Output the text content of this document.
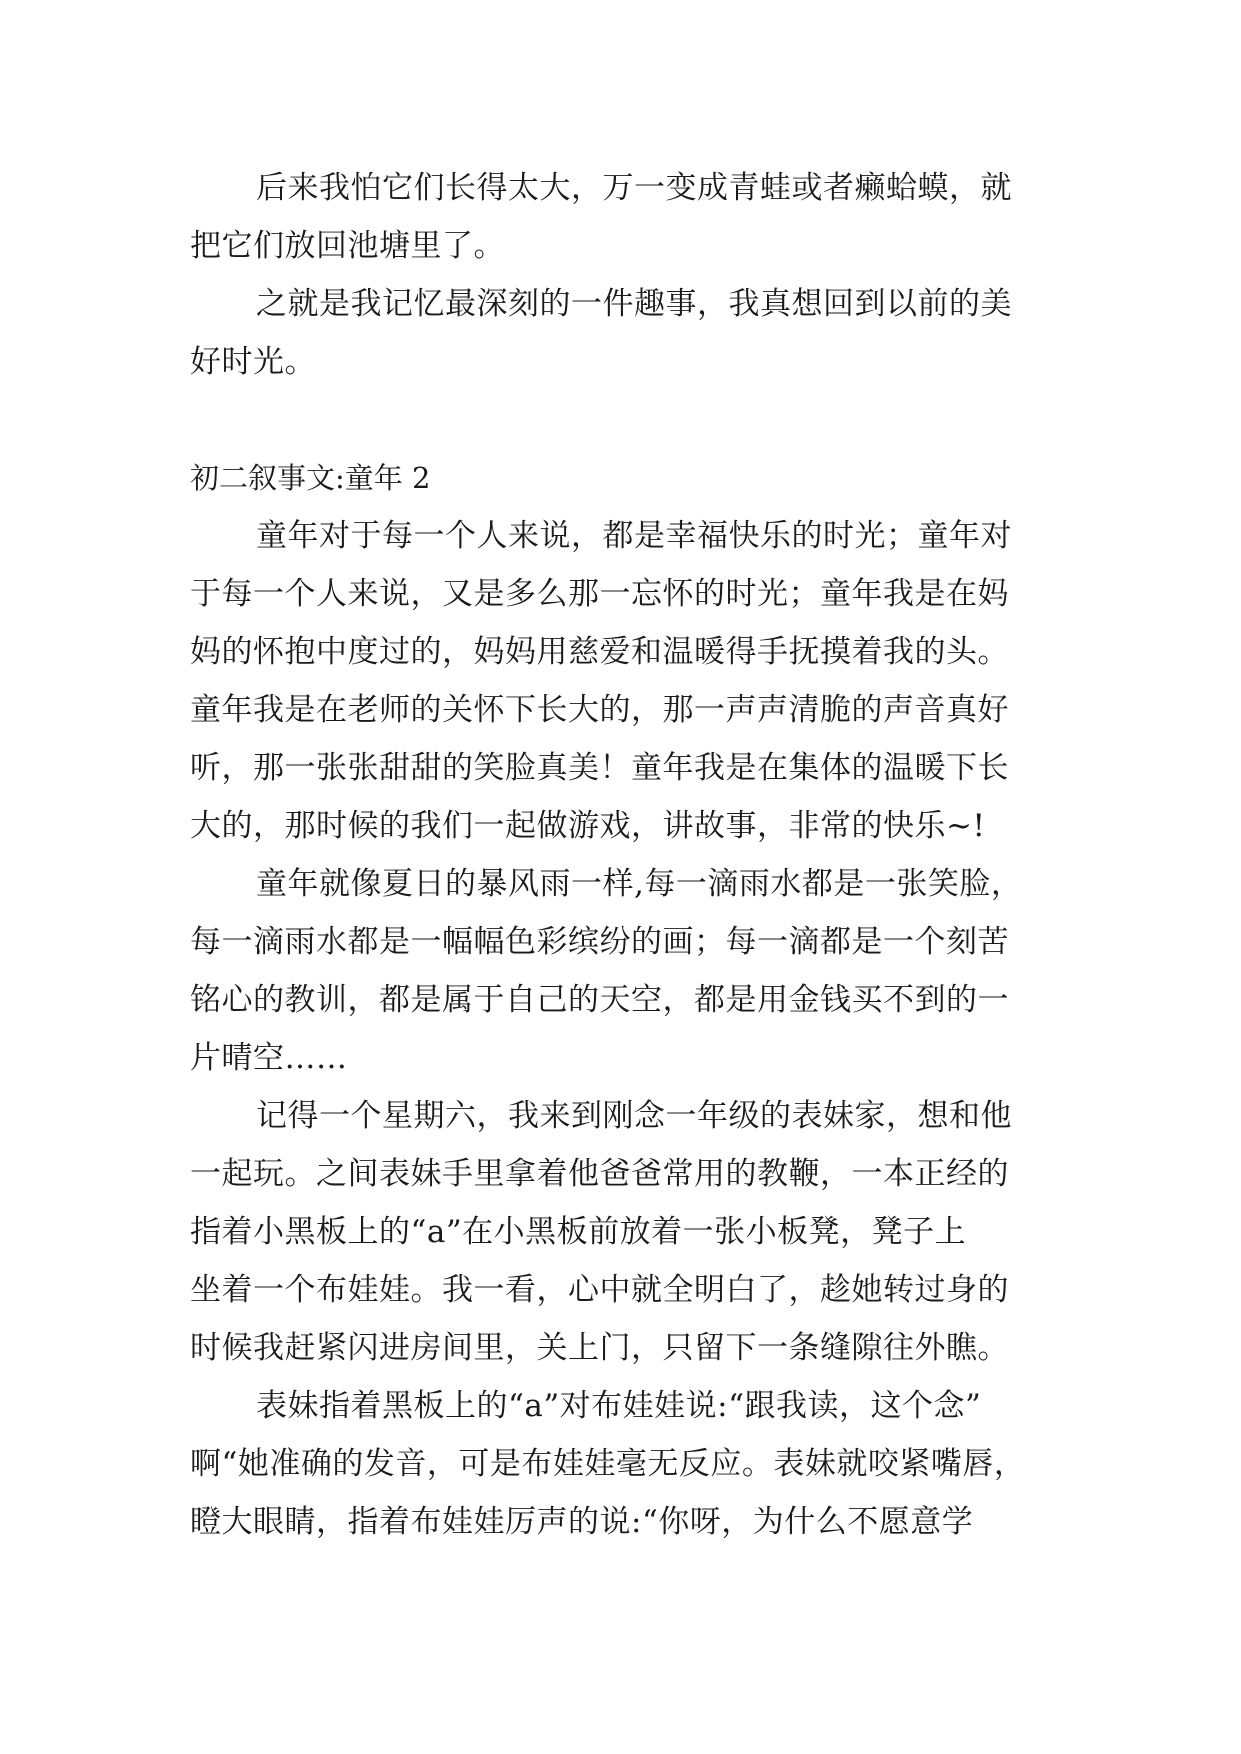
后来我怕它们长得太大，万一变成青蛙或者癞蛤蟆，就
把它们放回池塘里了。
之就是我记忆最深刻的一件趣事，我真想回到以前的美
好时光。
初二叙事文:童年 2
童年对于每一个人来说，都是幸福快乐的时光；童年对
于每一个人来说，又是多么那一忘怀的时光；童年我是在妈
妈的怀抱中度过的，妈妈用慈爱和温暖得手抚摸着我的头。
童年我是在老师的关怀下长大的，那一声声清脆的声音真好
听，那一张张甜甜的笑脸真美！童年我是在集体的温暖下长
大的，那时候的我们一起做游戏，讲故事，非常的快乐~!
童年就像夏日的暴风雨一样,每一滴雨水都是一张笑脸，
每一滴雨水都是一幅幅色彩缤纷的画；每一滴都是一个刻苦
铭心的教训，都是属于自己的天空，都是用金钱买不到的一
片晴空……
记得一个星期六，我来到刚念一年级的表妹家，想和他
一起玩。之间表妹手里拿着他爸爸常用的教鞭，一本正经的
指着小黑板上的“a”在小黑板前放着一张小板凳，凳子上
坐着一个布娃娃。我一看，心中就全明白了，趁她转过身的
时候我赶紧闪进房间里，关上门，只留下一条缝隙往外瞧。
表妹指着黑板上的“a”对布娃娃说:“跟我读，这个念”
啊“她准确的发音，可是布娃娃毫无反应。表妹就咬紧嘴唇，
瞪大眼睛，指着布娃娃厉声的说:“你呀，为什么不愿意学
